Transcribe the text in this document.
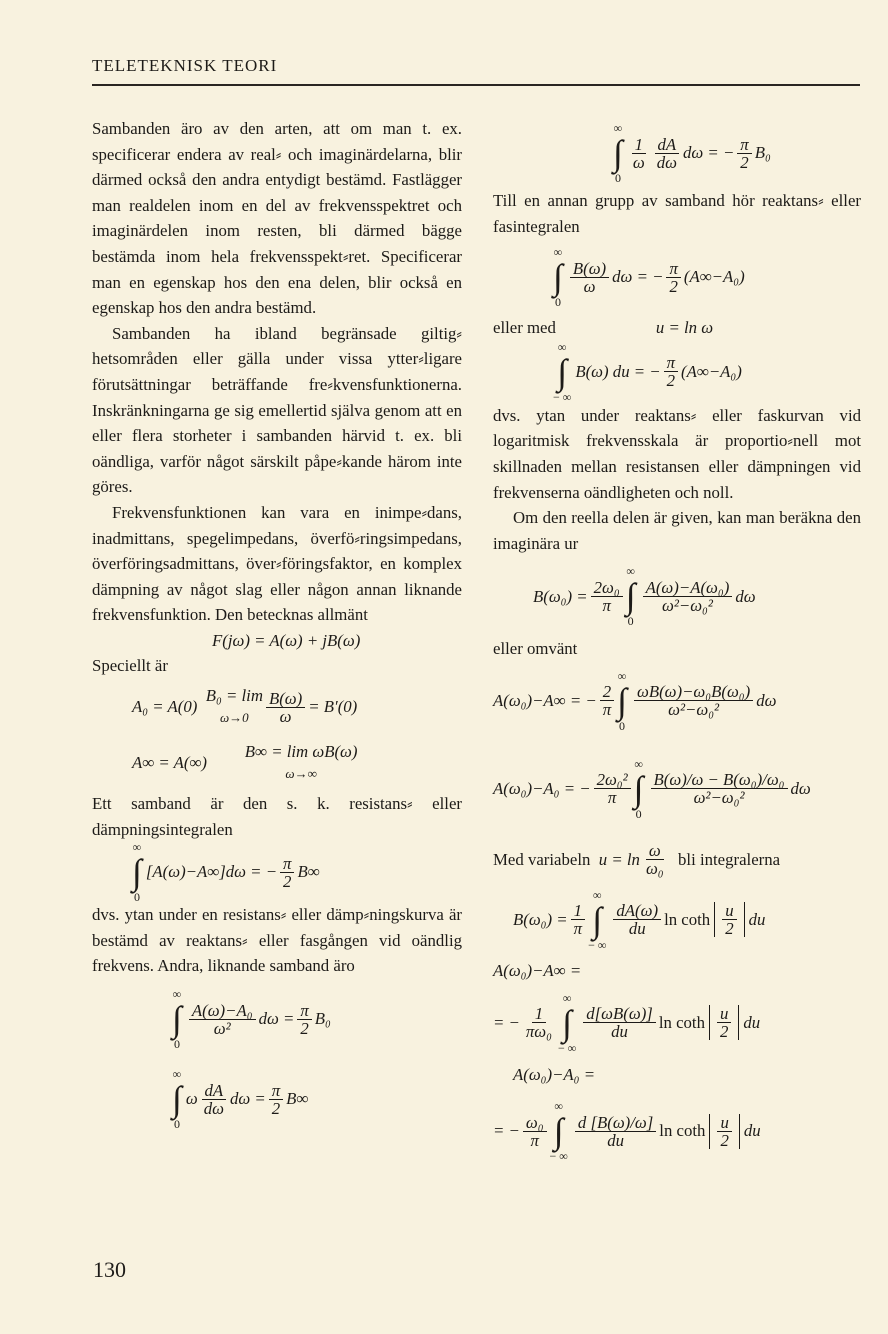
TELETEKNISK TEORI

Sambanden äro av den arten, att om man t. ex. specificerar endera av real⸗ och imaginärdelarna, blir därmed också den andra entydigt bestämd. Fastlägger man realdelen inom en del av frekvensspektret och imaginärdelen inom resten, bli därmed bägge bestämda inom hela frekvensspekt⸗ret. Specificerar man en egenskap hos den ena delen, blir också en egenskap hos den andra bestämd.

Sambanden ha ibland begränsade giltig⸗hetsområden eller gälla under vissa ytter⸗ligare förutsättningar beträffande fre⸗kvensfunktionerna. Inskränkningarna ge sig emellertid själva genom att en eller flera storheter i sambanden härvid t. ex. bli oändliga, varför något särskilt påpe⸗kande härom inte göres.

Frekvensfunktionen kan vara en inimpe⸗dans, inadmittans, spegelimpedans, överfö⸗ringsimpedans, överföringsadmittans, över⸗föringsfaktor, en komplex dämpning av något slag eller någon annan liknande frekvensfunktion. Den betecknas allmänt

F(jω) = A(ω) + jB(ω)

Speciellt är

A₀ = A(0)

B₀ = lim
$\omega\to 0 \frac{B(\omega)}{\omega} = B'(0)$
A∞ = A(∞)

B∞ = lim ωB(ω)
ω→∞

Ett samband är den s. k. resistans⸗ eller dämpningsintegralen

∞
∫
0
[A(ω)−A∞]dω = − $\frac{\pi}{2} B\infty$

dvs. ytan under en resistans⸗ eller dämp⸗ningskurva är bestämd av reaktans⸗ eller fasgången vid oändlig frekvens. Andra, liknande samband äro

∞
∫
0
$\frac{\text{A(ω)−A₀}}{\text{ω²}}$ $d\omega = \frac{\pi}{2} B_0$
∞
∫
0
ω $\frac{dA}{d\omega}$ $d\omega = \frac{\pi}{2} B\infty$
∞
∫
0
$\frac{1}{\omega} \frac{dA}{d\omega}$ dω = − $\frac{\pi}{2} B_0$

Till en annan grupp av samband hör reaktans⸗ eller fasintegralen

∞
∫
0
$\frac{B(\omega)}{\omega}$ dω = − $\frac{\pi}{2} (A\infty-A_0)$
eller med	u = ln ω
∞
∫
− ∞
B(ω) du = − $\frac{\pi}{2} (A\infty-A_0)$

dvs. ytan under reaktans⸗ eller faskurvan vid logaritmisk frekvensskala är proportio⸗nell mot skillnaden mellan resistansen eller dämpningen vid frekvenserna oändligheten och noll.

Om den reella delen är given, kan man beräkna den imaginära ur

$B(\omega_0) = \frac{\text{2ω₀}}{\pi}$
∞
∫
0
$\frac{\text{A(ω)−A(ω₀)}}{\text{ω²−ω₀²}}$ dω

eller omvänt

A(ω₀)−A∞ = − $\frac{2}{\pi}$
∞
∫
0
$\frac{\text{ωB(ω)−ω₀B(ω₀)}}{\text{ω²−ω₀²}}$ dω
A(ω₀)−A₀ = − $\frac{\text{2ω₀²}}{\pi}$
∞
∫
0
$\frac{\text{B(ω)/ω − B(ω₀)/ω₀}}{\text{ω²−ω₀²}}$ dω
Med variabeln
$u = \ln \frac{\omega}{\text{ω₀}}$
bli integralerna
$B(\omega_0) = \frac{1}{\pi}$
∞
∫
− ∞
$\frac{dA(\omega)}{du}$ ln coth $\frac{u}{2}$ du
A(ω₀)−A∞ =
= − $\frac{1}{\text{πω₀}}$
∞
∫
− ∞
$\frac{d[\omega B(\omega)]}{du}$ ln coth $\frac{u}{2}$ du
A(ω₀)−A₀ =
= − $\frac{\text{ω₀}}{\pi}$
∞
∫
− ∞
$\frac{d [B(\omega)/\omega]}{du}$ ln coth $\frac{u}{2}$ du
130
